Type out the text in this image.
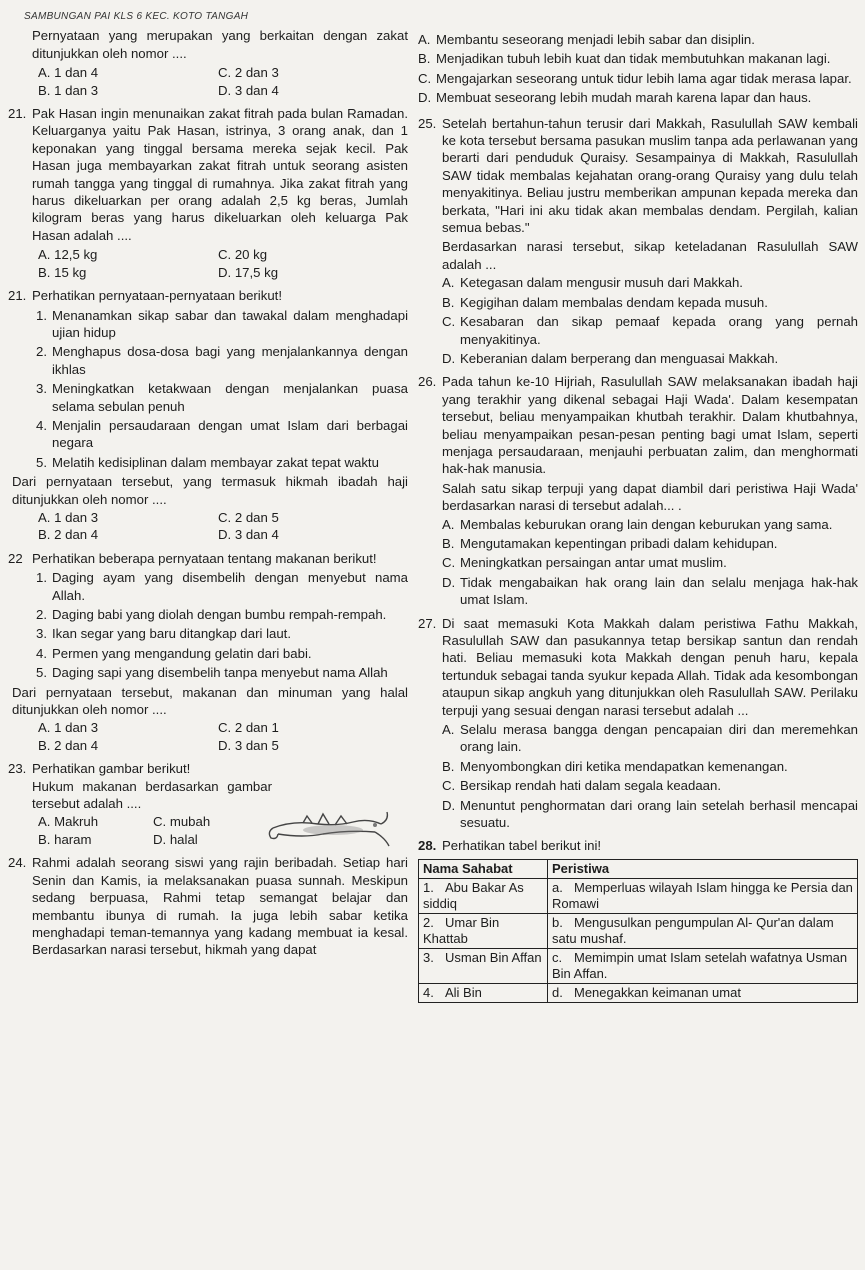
SAMBUNGAN PAI KLS 6 KEC. KOTO TANGAH
Pernyataan yang merupakan yang berkaitan dengan zakat ditunjukkan oleh nomor ....
A. 1 dan 4	C. 2 dan 3
B. 1 dan 3	D. 3 dan 4
21. Pak Hasan ingin menunaikan zakat fitrah pada bulan Ramadan. Keluarganya yaitu Pak Hasan, istrinya, 3 orang anak, dan 1 keponakan yang tinggal bersama mereka sejak kecil. Pak Hasan juga membayarkan zakat fitrah untuk seorang asisten rumah tangga yang tinggal di rumahnya. Jika zakat fitrah yang harus dikeluarkan per orang adalah 2,5 kg beras, Jumlah kilogram beras yang harus dikeluarkan oleh keluarga Pak Hasan adalah ....
A. 12,5 kg	C. 20 kg
B. 15 kg	D. 17,5 kg
21. Perhatikan pernyataan-pernyataan berikut!
1. Menanamkan sikap sabar dan tawakal dalam menghadapi ujian hidup
2. Menghapus dosa-dosa bagi yang menjalankannya dengan ikhlas
3. Meningkatkan ketakwaan dengan menjalankan puasa selama sebulan penuh
4. Menjalin persaudaraan dengan umat Islam dari berbagai negara
5. Melatih kedisiplinan dalam membayar zakat tepat waktu
Dari pernyataan tersebut, yang termasuk hikmah ibadah haji ditunjukkan oleh nomor ....
A. 1 dan 3	C. 2 dan 5
B. 2 dan 4	D. 3 dan 4
22 Perhatikan beberapa pernyataan tentang makanan berikut!
1. Daging ayam yang disembelih dengan menyebut nama Allah.
2. Daging babi yang diolah dengan bumbu rempah-rempah.
3. Ikan segar yang baru ditangkap dari laut.
4. Permen yang mengandung gelatin dari babi.
5. Daging sapi yang disembelih tanpa menyebut nama Allah
Dari pernyataan tersebut, makanan dan minuman yang halal ditunjukkan oleh nomor ....
A. 1 dan 3	C. 2 dan 1
B. 2 dan 4	D. 3 dan 5
23. Perhatikan gambar berikut!
Hukum makanan berdasarkan gambar tersebut adalah ....
A. Makruh	C. mubah
B. haram	D. halal
24. Rahmi adalah seorang siswi yang rajin beribadah. Setiap hari Senin dan Kamis, ia melaksanakan puasa sunnah. Meskipun sedang berpuasa, Rahmi tetap semangat belajar dan membantu ibunya di rumah. Ia juga lebih sabar ketika menghadapi teman-temannya yang kadang membuat ia kesal. Berdasarkan narasi tersebut, hikmah yang dapat
A. Membantu seseorang menjadi lebih sabar dan disiplin.
B. Menjadikan tubuh lebih kuat dan tidak membutuhkan makanan lagi.
C. Mengajarkan seseorang untuk tidur lebih lama agar tidak merasa lapar.
D. Membuat seseorang lebih mudah marah karena lapar dan haus.
25. Setelah bertahun-tahun terusir dari Makkah, Rasulullah SAW kembali ke kota tersebut bersama pasukan muslim tanpa ada perlawanan yang berarti dari penduduk Quraisy. Sesampainya di Makkah, Rasulullah SAW tidak membalas kejahatan orang-orang Quraisy yang dulu telah menyakitinya. Beliau justru memberikan ampunan kepada mereka dan berkata, "Hari ini aku tidak akan membalas dendam. Pergilah, kalian semua bebas."
Berdasarkan narasi tersebut, sikap keteladanan Rasulullah SAW adalah ...
A. Ketegasan dalam mengusir musuh dari Makkah.
B. Kegigihan dalam membalas dendam kepada musuh.
C. Kesabaran dan sikap pemaaf kepada orang yang pernah menyakitinya.
D. Keberanian dalam berperang dan menguasai Makkah.
26. Pada tahun ke-10 Hijriah, Rasulullah SAW melaksanakan ibadah haji yang terakhir yang dikenal sebagai Haji Wada'. Dalam kesempatan tersebut, beliau menyampaikan khutbah terakhir. Dalam khutbahnya, beliau menyampaikan pesan-pesan penting bagi umat Islam, seperti menjaga persaudaraan, menjauhi perbuatan zalim, dan menghormati hak-hak manusia.
Salah satu sikap terpuji yang dapat diambil dari peristiwa Haji Wada' berdasarkan narasi di tersebut adalah... .
A. Membalas keburukan orang lain dengan keburukan yang sama.
B. Mengutamakan kepentingan pribadi dalam kehidupan.
C. Meningkatkan persaingan antar umat muslim.
D. Tidak mengabaikan hak orang lain dan selalu menjaga hak-hak umat Islam.
27. Di saat memasuki Kota Makkah dalam peristiwa Fathu Makkah, Rasulullah SAW dan pasukannya tetap bersikap santun dan rendah hati. Beliau memasuki kota Makkah dengan penuh haru, kepala tertunduk sebagai tanda syukur kepada Allah. Tidak ada kesombongan ataupun sikap angkuh yang ditunjukkan oleh Rasulullah SAW. Perilaku terpuji yang sesuai dengan narasi tersebut adalah ...
A. Selalu merasa bangga dengan pencapaian diri dan meremehkan orang lain.
B. Menyombongkan diri ketika mendapatkan kemenangan.
C. Bersikap rendah hati dalam segala keadaan.
D. Menuntut penghormatan dari orang lain setelah berhasil mencapai sesuatu.
28. Perhatikan tabel berikut ini!
Nama Sahabat	Peristiwa
1. Abu Bakar As siddiq	a. Memperluas wilayah Islam hingga ke Persia dan Romawi
2. Umar Bin Khattab	b. Mengusulkan pengumpulan Al- Qur'an dalam satu mushaf.
3. Usman Bin Affan	c. Memimpin umat Islam setelah wafatnya Usman Bin Affan.
4. Ali Bin	d. Menegakkan keimanan umat
